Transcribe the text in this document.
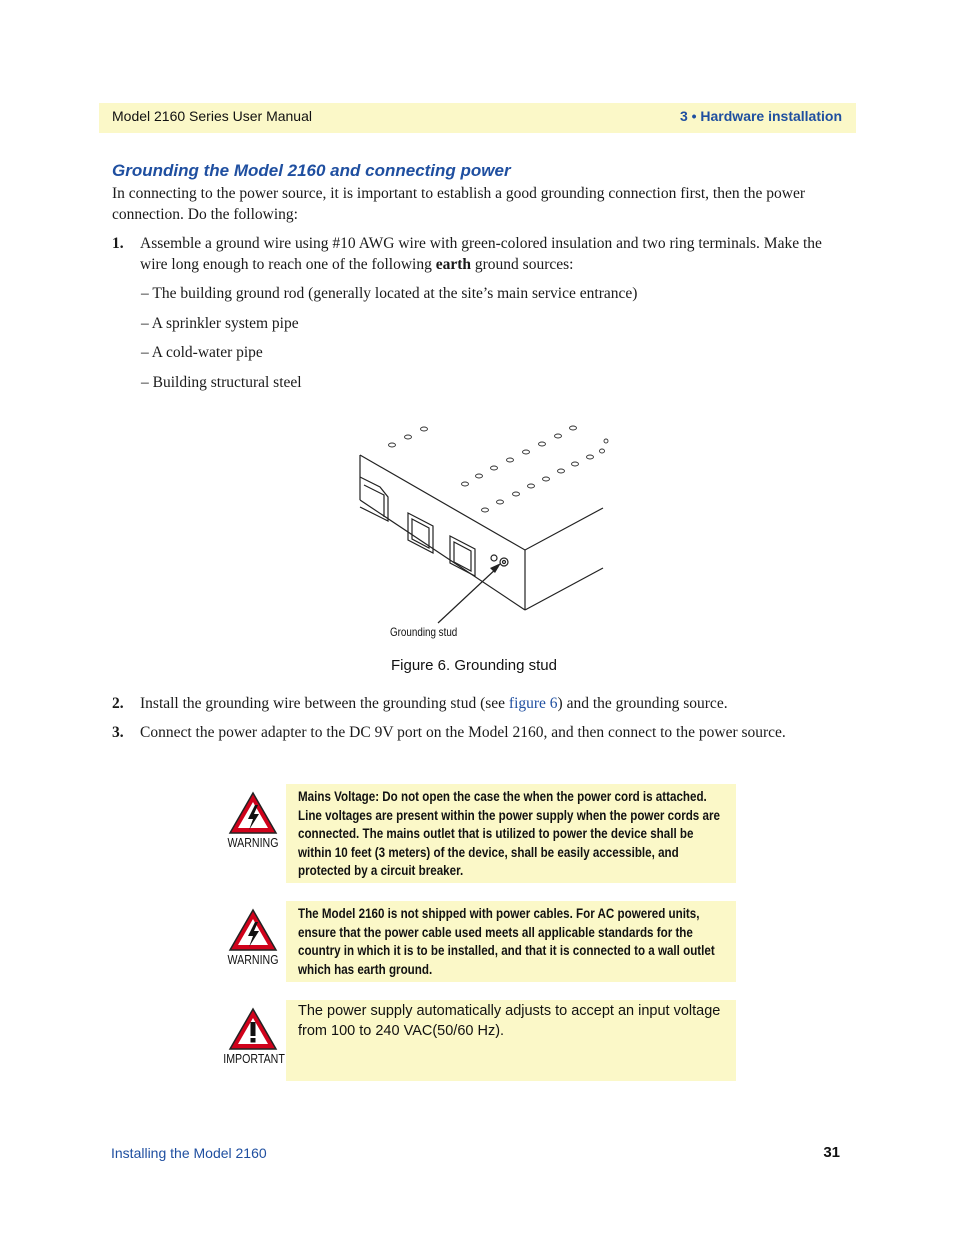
Model 2160 Series User Manual	3 • Hardware installation
Grounding the Model 2160 and connecting power
In connecting to the power source, it is important to establish a good grounding connection first, then the power connection. Do the following:
1. Assemble a ground wire using #10 AWG wire with green-colored insulation and two ring terminals. Make the wire long enough to reach one of the following earth ground sources:
– The building ground rod (generally located at the site’s main service entrance)
– A sprinkler system pipe
– A cold-water pipe
– Building structural steel
Grounding stud
Figure 6. Grounding stud
2. Install the grounding wire between the grounding stud (see figure 6) and the grounding source.
3. Connect the power adapter to the DC 9V port on the Model 2160, and then connect to the power source.
WARNING
Mains Voltage: Do not open the case the when the power cord is attached. Line voltages are present within the power supply when the power cords are connected. The mains outlet that is utilized to power the device shall be within 10 feet (3 meters) of the device, shall be easily accessible, and protected by a circuit breaker.
WARNING
The Model 2160 is not shipped with power cables. For AC powered units, ensure that the power cable used meets all applicable standards for the country in which it is to be installed, and that it is connected to a wall outlet which has earth ground.
IMPORTANT
The power supply automatically adjusts to accept an input voltage from 100 to 240 VAC(50/60 Hz).
Installing the Model 2160	31
